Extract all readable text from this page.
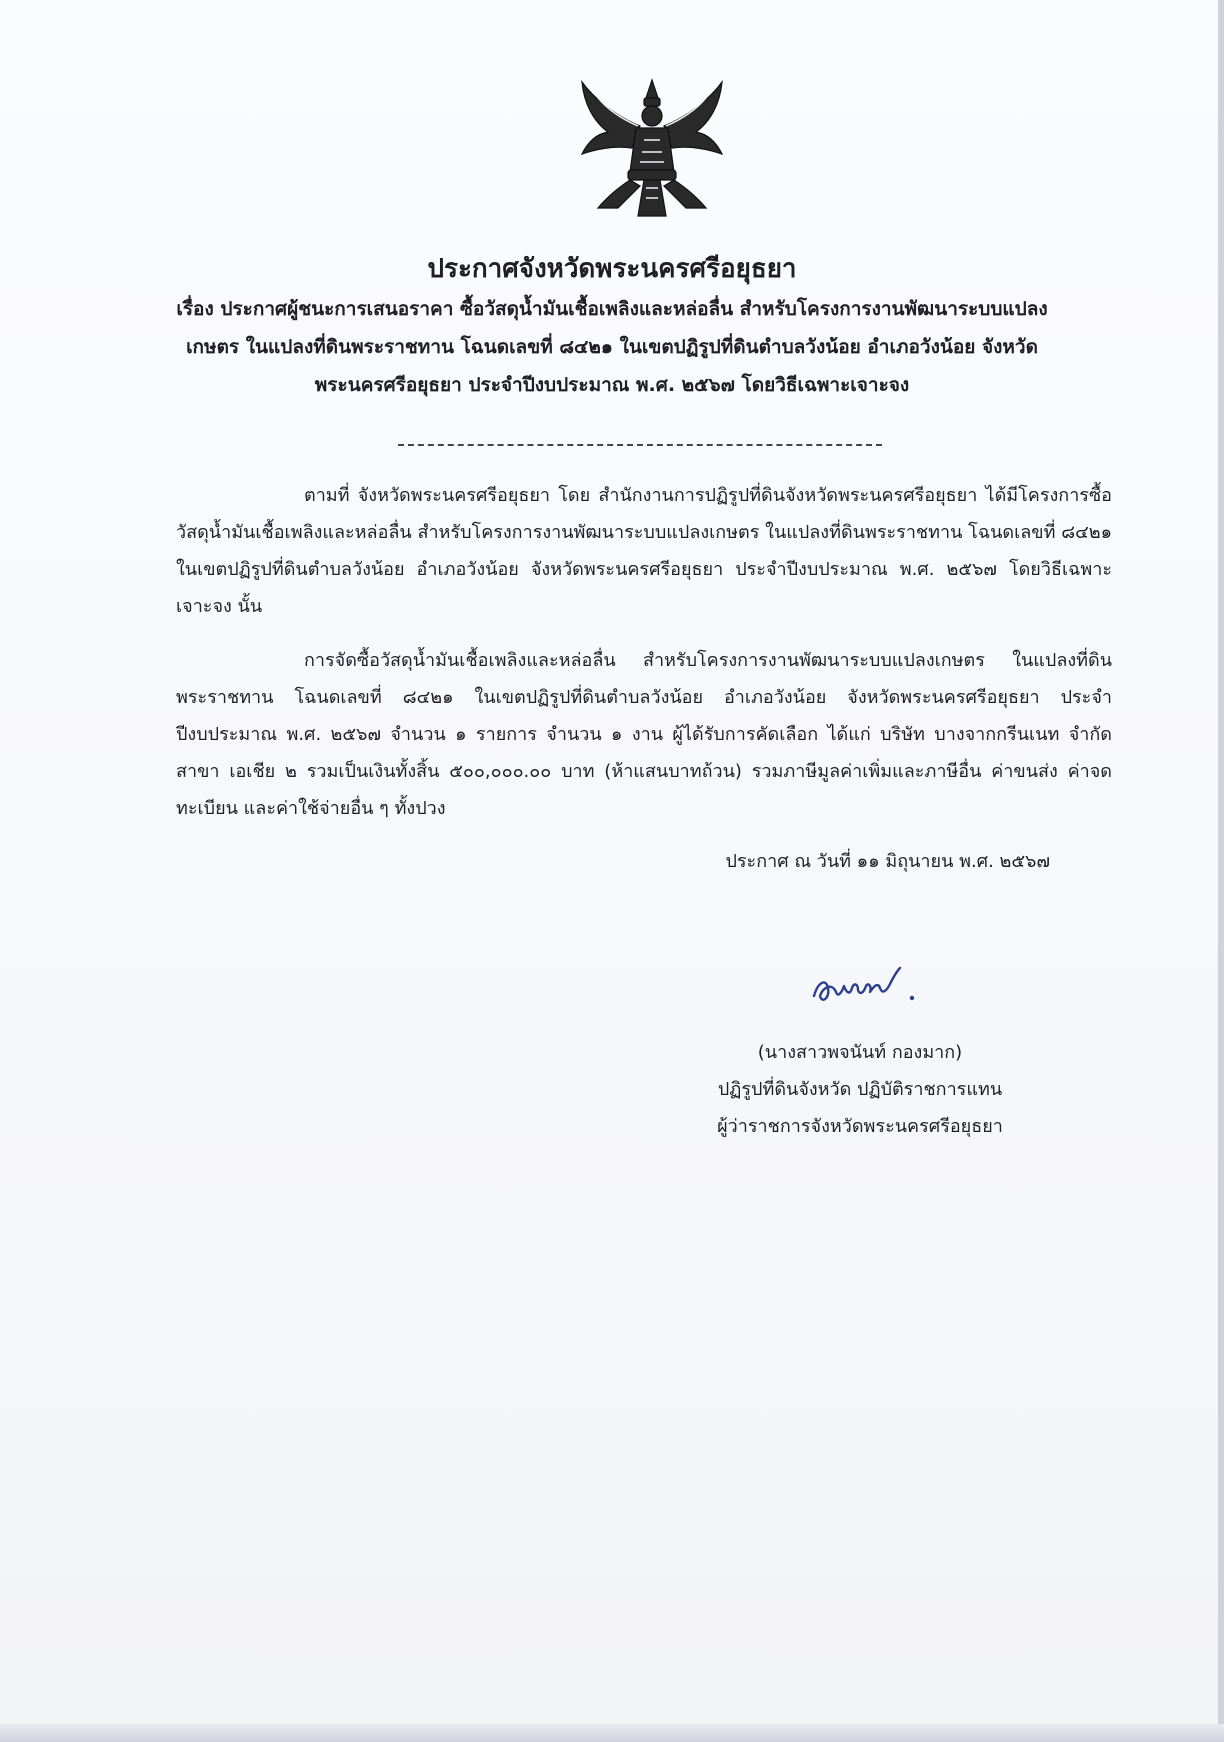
ประกาศจังหวัดพระนครศรีอยุธยา

เรื่อง ประกาศผู้ชนะการเสนอราคา ซื้อวัสดุน้ำมันเชื้อเพลิงและหล่อลื่น สำหรับโครงการงานพัฒนาระบบแปลงเกษตร ในแปลงที่ดินพระราชทาน โฉนดเลขที่ ๘๔๒๑ ในเขตปฏิรูปที่ดินตำบลวังน้อย อำเภอวังน้อย จังหวัดพระนครศรีอยุธยา ประจำปีงบประมาณ พ.ศ. ๒๕๖๗ โดยวิธีเฉพาะเจาะจง

ตามที่ จังหวัดพระนครศรีอยุธยา โดย สำนักงานการปฏิรูปที่ดินจังหวัดพระนครศรีอยุธยา ได้มีโครงการซื้อวัสดุน้ำมันเชื้อเพลิงและหล่อลื่น สำหรับโครงการงานพัฒนาระบบแปลงเกษตร ในแปลงที่ดินพระราชทาน โฉนดเลขที่ ๘๔๒๑ ในเขตปฏิรูปที่ดินตำบลวังน้อย อำเภอวังน้อย จังหวัดพระนครศรีอยุธยา ประจำปีงบประมาณ พ.ศ. ๒๕๖๗ โดยวิธีเฉพาะเจาะจง นั้น

การจัดซื้อวัสดุน้ำมันเชื้อเพลิงและหล่อลื่น สำหรับโครงการงานพัฒนาระบบแปลงเกษตร ในแปลงที่ดินพระราชทาน โฉนดเลขที่ ๘๔๒๑ ในเขตปฏิรูปที่ดินตำบลวังน้อย อำเภอวังน้อย จังหวัดพระนครศรีอยุธยา ประจำปีงบประมาณ พ.ศ. ๒๕๖๗ จำนวน ๑ รายการ จำนวน ๑ งาน ผู้ได้รับการคัดเลือก ได้แก่ บริษัท บางจากกรีนเนท จำกัด สาขา เอเชีย ๒ รวมเป็นเงินทั้งสิ้น ๕๐๐,๐๐๐.๐๐ บาท (ห้าแสนบาทถ้วน) รวมภาษีมูลค่าเพิ่มและภาษีอื่น ค่าขนส่ง ค่าจดทะเบียน และค่าใช้จ่ายอื่น ๆ ทั้งปวง

ประกาศ ณ วันที่ ๑๑ มิถุนายน พ.ศ. ๒๕๖๗

(นางสาวพจนันท์ กองมาก)
ปฏิรูปที่ดินจังหวัด ปฏิบัติราชการแทน
ผู้ว่าราชการจังหวัดพระนครศรีอยุธยา
